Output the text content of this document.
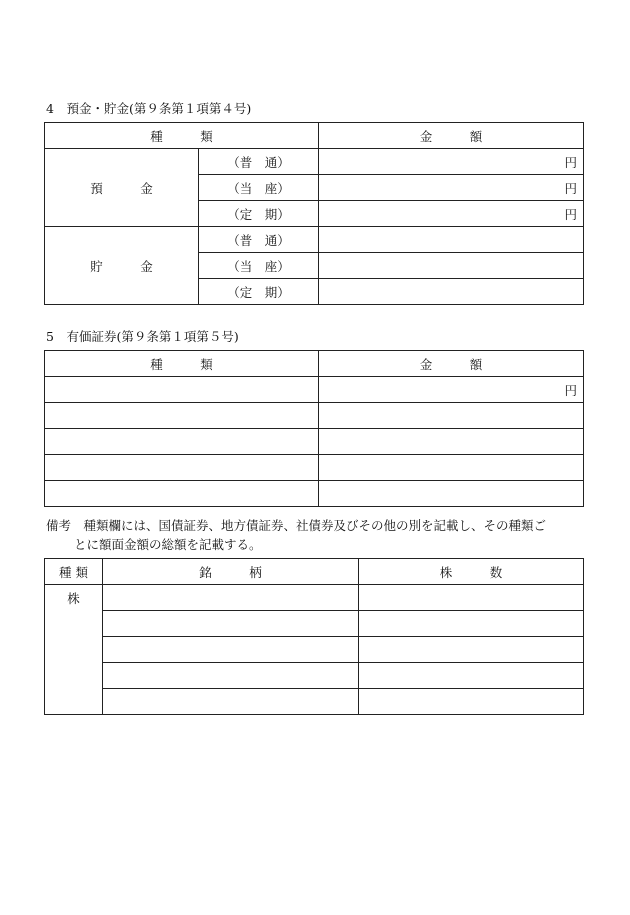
4　預金・貯金(第９条第１項第４号)
種　　　類		金　　　額
預　　　金	（普　通）	円
	（当　座）	円
	（定　期）	円
貯　　　金	（普　通）	
	（当　座）	
	（定　期）	
5　有価証券(第９条第１項第５号)
種　　　類	金　　　額
	円

備考　種類欄には、国債証券、地方債証券、社債券及びその他の別を記載し、その種類ご
とに額面金額の総額を記載する。
種 類	銘　　　柄	株　　　数
株		
